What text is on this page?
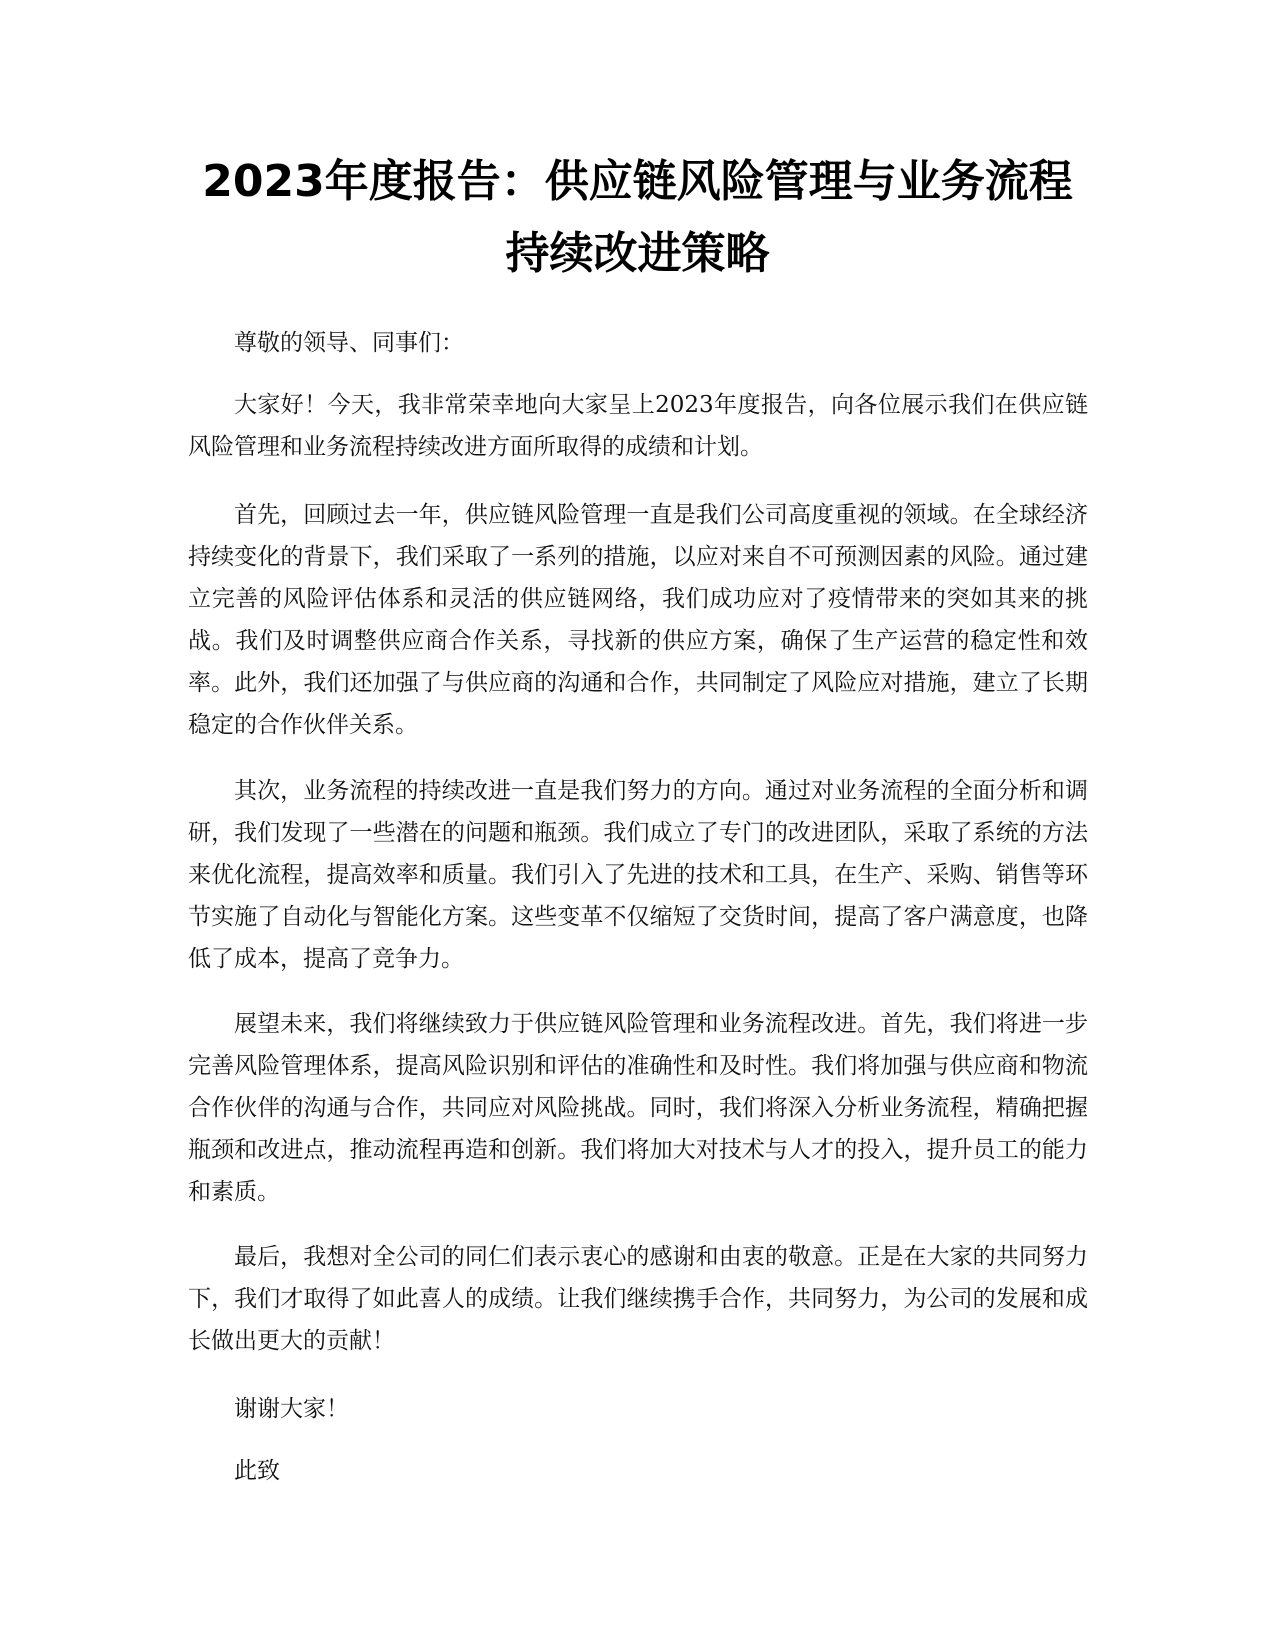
2023年度报告：供应链风险管理与业务流程
持续改进策略

尊敬的领导、同事们：

大家好！今天，我非常荣幸地向大家呈上2023年度报告，向各位展示我们在供应链风险管理和业务流程持续改进方面所取得的成绩和计划。

首先，回顾过去一年，供应链风险管理一直是我们公司高度重视的领域。在全球经济持续变化的背景下，我们采取了一系列的措施，以应对来自不可预测因素的风险。通过建立完善的风险评估体系和灵活的供应链网络，我们成功应对了疫情带来的突如其来的挑战。我们及时调整供应商合作关系，寻找新的供应方案，确保了生产运营的稳定性和效率。此外，我们还加强了与供应商的沟通和合作，共同制定了风险应对措施，建立了长期稳定的合作伙伴关系。

其次，业务流程的持续改进一直是我们努力的方向。通过对业务流程的全面分析和调研，我们发现了一些潜在的问题和瓶颈。我们成立了专门的改进团队，采取了系统的方法来优化流程，提高效率和质量。我们引入了先进的技术和工具，在生产、采购、销售等环节实施了自动化与智能化方案。这些变革不仅缩短了交货时间，提高了客户满意度，也降低了成本，提高了竞争力。

展望未来，我们将继续致力于供应链风险管理和业务流程改进。首先，我们将进一步完善风险管理体系，提高风险识别和评估的准确性和及时性。我们将加强与供应商和物流合作伙伴的沟通与合作，共同应对风险挑战。同时，我们将深入分析业务流程，精确把握瓶颈和改进点，推动流程再造和创新。我们将加大对技术与人才的投入，提升员工的能力和素质。

最后，我想对全公司的同仁们表示衷心的感谢和由衷的敬意。正是在大家的共同努力下，我们才取得了如此喜人的成绩。让我们继续携手合作，共同努力，为公司的发展和成长做出更大的贡献！

谢谢大家！

此致
